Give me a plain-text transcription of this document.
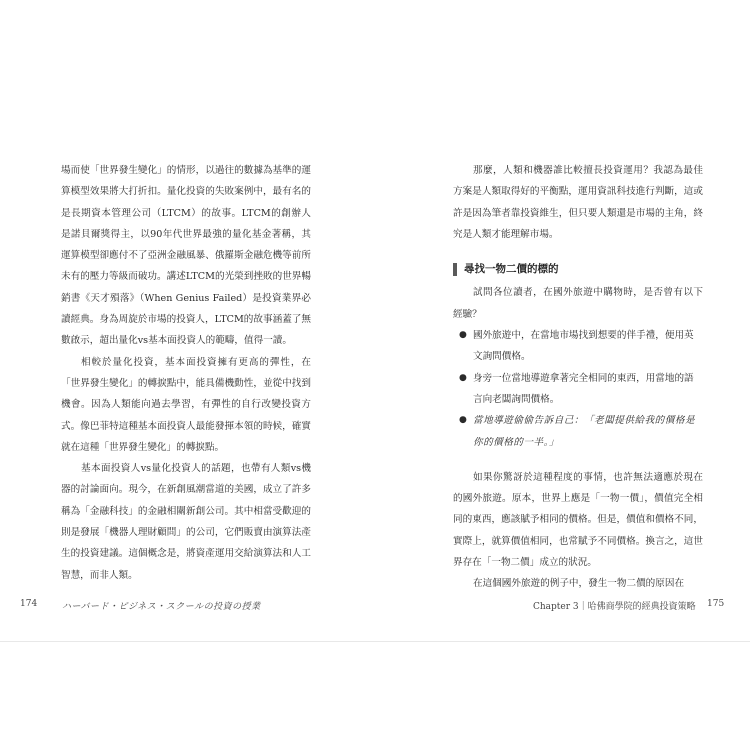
場而使「世界發生變化」的情形，以過往的數據為基準的運算模型效果將大打折扣。量化投資的失敗案例中，最有名的是長期資本管理公司（LTCM）的故事。LTCM的創辦人是諾貝爾獎得主，以90年代世界最強的量化基金著稱，其運算模型卻應付不了亞洲金融風暴、俄羅斯金融危機等前所未有的壓力等級而破功。講述LTCM的光榮到挫敗的世界暢銷書《天才殞落》（When Genius Failed）是投資業界必讀經典。身為周旋於市場的投資人，LTCM的故事涵蓋了無數啟示，超出量化vs基本面投資人的範疇，值得一讀。

相較於量化投資，基本面投資擁有更高的彈性，在「世界發生變化」的轉捩點中，能具備機動性，並從中找到機會。因為人類能向過去學習，有彈性的自行改變投資方式。像巴菲特這種基本面投資人最能發揮本領的時候，確實就在這種「世界發生變化」的轉捩點。

基本面投資人vs量化投資人的話題，也帶有人類vs機器的討論面向。現今，在新創風潮當道的美國，成立了許多稱為「金融科技」的金融相關新創公司。其中相當受歡迎的則是發展「機器人理財顧問」的公司，它們販賣由演算法產生的投資建議。這個概念是，將資產運用交給演算法和人工智慧，而非人類。

174	ハーバード・ビジネス・スクールの投資の授業

那麼，人類和機器誰比較擅長投資運用？我認為最佳方案是人類取得好的平衡點，運用資訊科技進行判斷，這或許是因為筆者靠投資維生，但只要人類還是市場的主角，終究是人類才能理解市場。

尋找一物二價的標的

試問各位讀者，在國外旅遊中購物時，是否曾有以下經驗？

● 國外旅遊中，在當地市場找到想要的伴手禮，便用英文詢問價格。
● 身旁一位當地導遊拿著完全相同的東西，用當地的語言向老闆詢問價格。
● 當地導遊偷偷告訴自己：「老闆提供給我的價格是你的價格的一半。」

如果你驚訝於這種程度的事情，也許無法適應於現在的國外旅遊。原本，世界上應是「一物一價」，價值完全相同的東西，應該賦予相同的價格。但是，價值和價格不同，實際上，就算價值相同，也常賦予不同價格。換言之，這世界存在「一物二價」成立的狀況。

在這個國外旅遊的例子中，發生一物二價的原因在

Chapter 3｜哈佛商學院的經典投資策略 175
